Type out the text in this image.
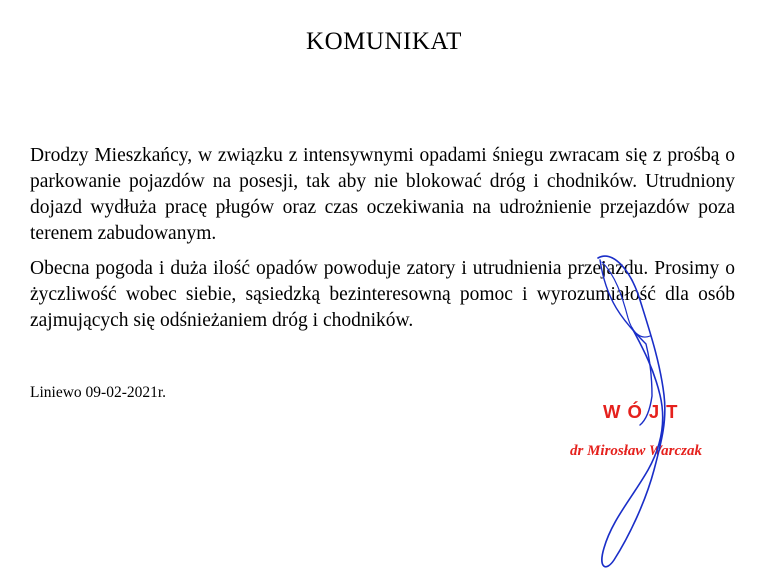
KOMUNIKAT

Drodzy Mieszkańcy, w związku z intensywnymi opadami śniegu zwracam się z prośbą o parkowanie pojazdów na posesji, tak aby nie blokować dróg i chodników. Utrudniony dojazd wydłuża pracę pługów oraz czas oczekiwania na udrożnienie przejazdów poza terenem zabudowanym.

Obecna pogoda i duża ilość opadów powoduje zatory i utrudnienia przejazdu. Prosimy o życzliwość wobec siebie, sąsiedzką bezinteresowną pomoc i wyrozumiałość dla osób zajmujących się odśnieżaniem dróg i chodników.

Liniewo 09-02-2021r.
WÓJT
dr Mirosław Warczak
